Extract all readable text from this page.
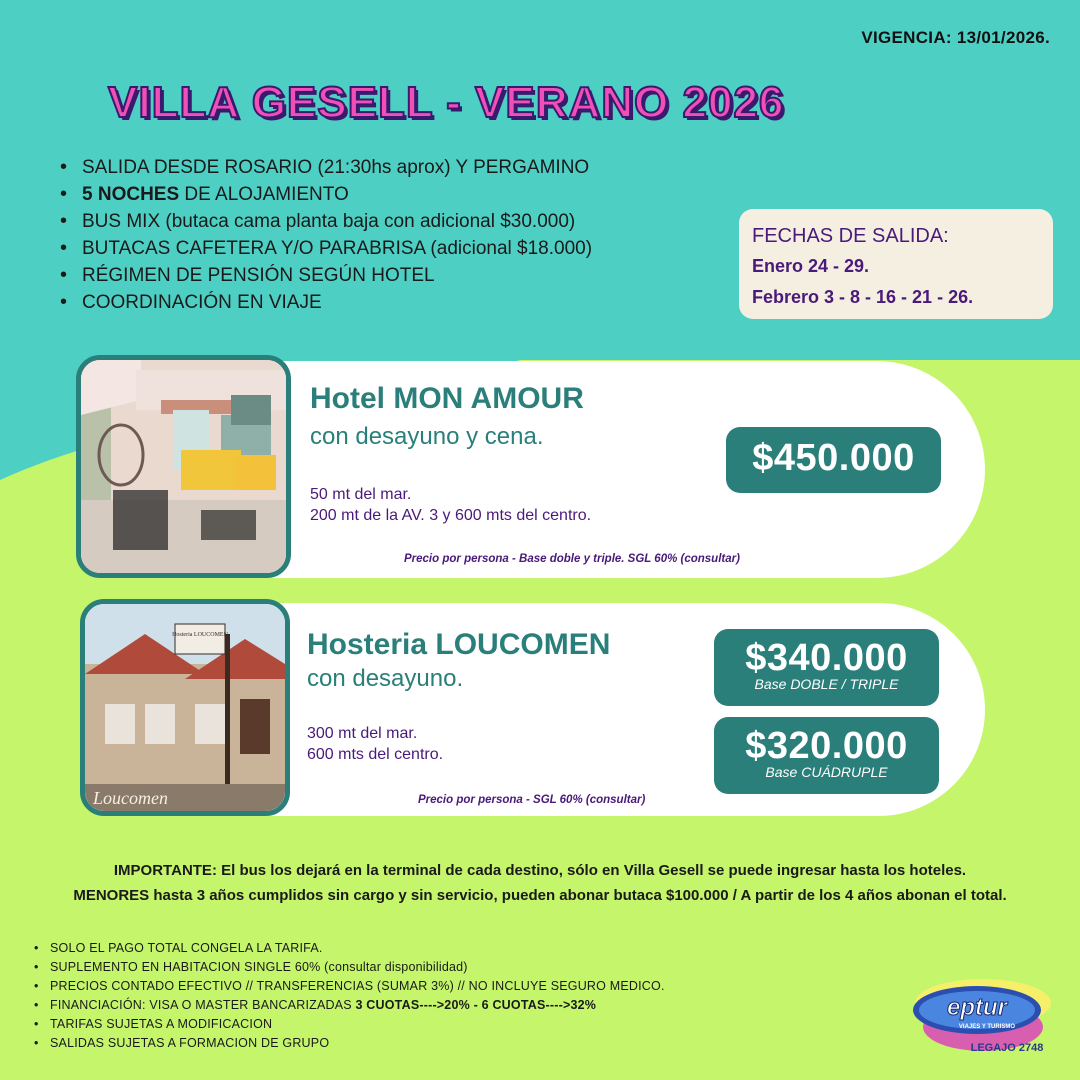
VIGENCIA: 13/01/2026.
VILLA GESELL - VERANO 2026
• SALIDA DESDE ROSARIO (21:30hs aprox) Y PERGAMINO
• 5 NOCHES DE ALOJAMIENTO
• BUS MIX (butaca cama planta baja con adicional $30.000)
• BUTACAS CAFETERA Y/O PARABRISA (adicional $18.000)
• RÉGIMEN DE PENSIÓN SEGÚN HOTEL
• COORDINACIÓN EN VIAJE
FECHAS DE SALIDA:
Enero 24 - 29.
Febrero 3 - 8 - 16 - 21 - 26.
Hotel MON AMOUR
con desayuno y cena.
50 mt del mar.
200 mt de la AV. 3 y 600 mts del centro.
$450.000
Precio por persona - Base doble y triple. SGL 60% (consultar)
Hosteria LOUCOMEN
Loucomen
Hosteria LOUCOMEN
con desayuno.
300 mt del mar.
600 mts del centro.
$340.000
Base DOBLE / TRIPLE
$320.000
Base CUÁDRUPLE
Precio por persona - SGL 60% (consultar)
IMPORTANTE: El bus los dejará en la terminal de cada destino, sólo en Villa Gesell se puede ingresar hasta los hoteles.
MENORES hasta 3 años cumplidos sin cargo y sin servicio, pueden abonar butaca $100.000 / A partir de los 4 años abonan el total.
• SOLO EL PAGO TOTAL CONGELA LA TARIFA.
• SUPLEMENTO EN HABITACION SINGLE 60% (consultar disponibilidad)
• PRECIOS CONTADO EFECTIVO // TRANSFERENCIAS (SUMAR 3%) // NO INCLUYE SEGURO MEDICO.
• FINANCIACIÓN: VISA O MASTER BANCARIZADAS 3 CUOTAS---->20% - 6 CUOTAS---->32%
• TARIFAS SUJETAS A MODIFICACION
• SALIDAS SUJETAS A FORMACION DE GRUPO
eptur
VIAJES Y TURISMO
LEGAJO 2748
